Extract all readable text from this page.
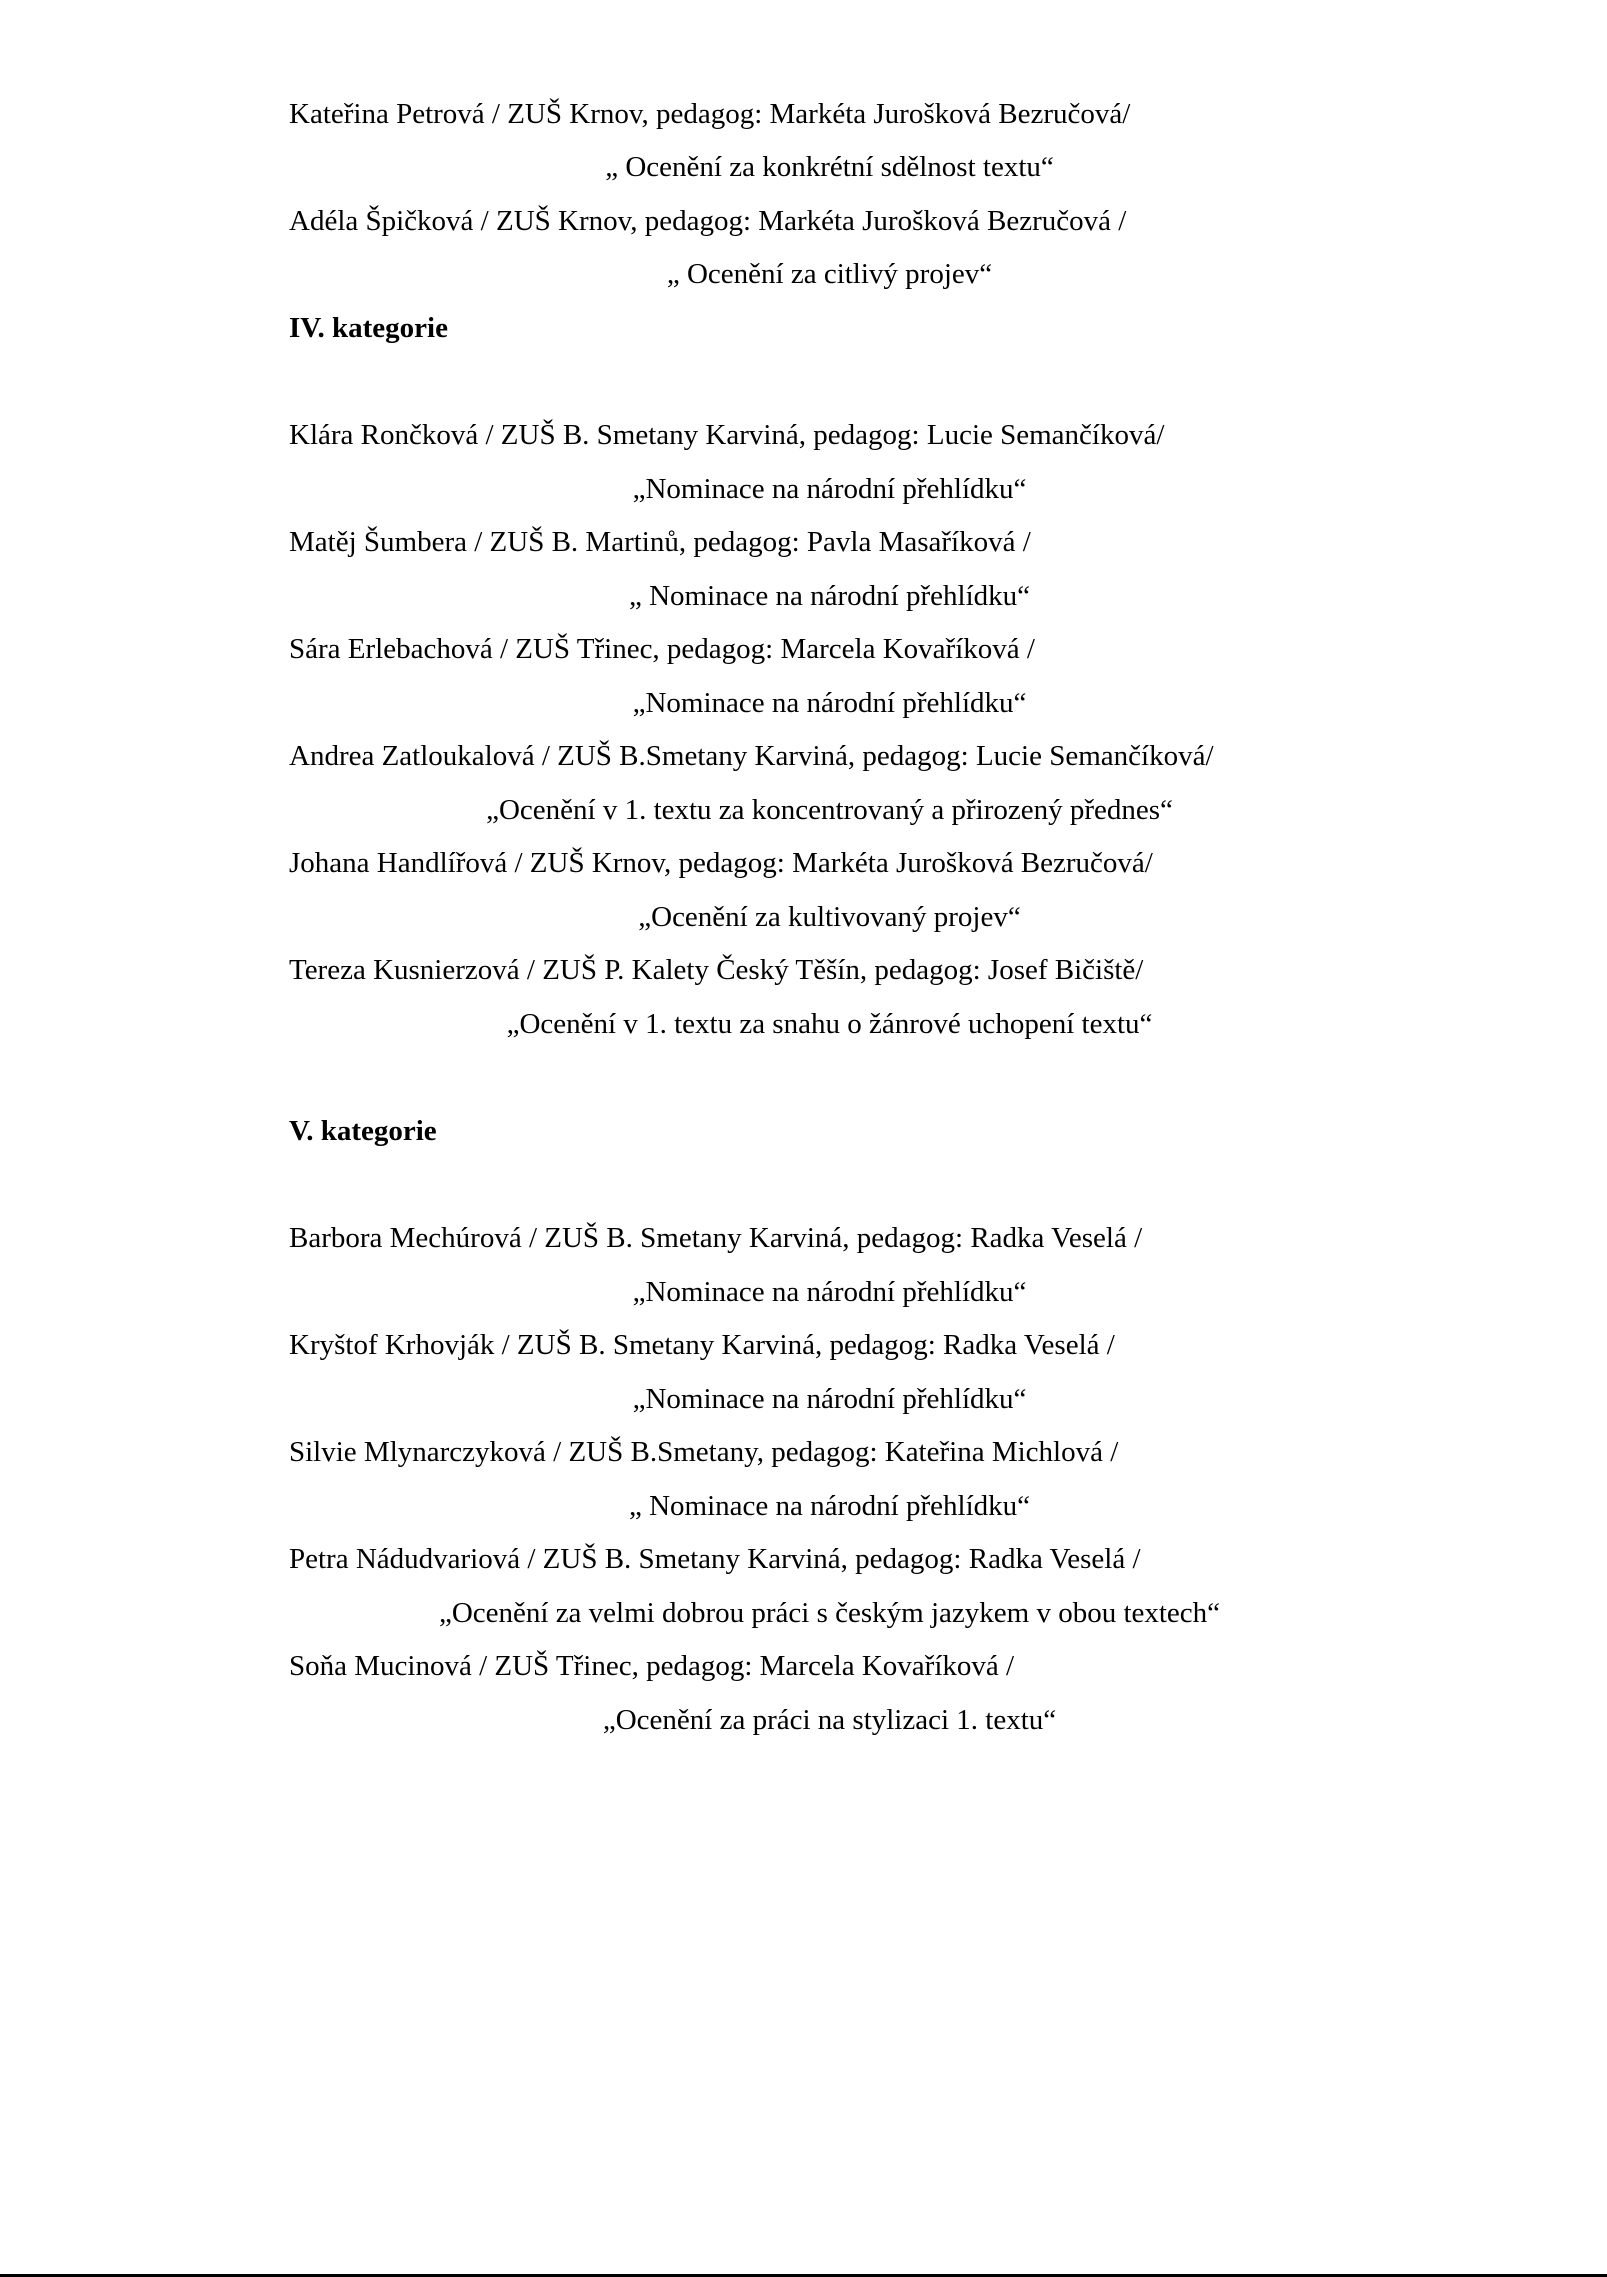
Kateřina Petrová / ZUŠ Krnov, pedagog: Markéta Jurošková Bezručová/
„ Ocenění za konkrétní sdělnost textu“
Adéla Špičková / ZUŠ Krnov, pedagog: Markéta Jurošková Bezručová /
„ Ocenění za citlivý projev“
IV. kategorie
Klára Rončková / ZUŠ B. Smetany Karviná, pedagog: Lucie Semančíková/
„Nominace na národní přehlídku“
Matěj Šumbera / ZUŠ B. Martinů, pedagog: Pavla Masaříková /
„ Nominace na národní přehlídku“
Sára Erlebachová / ZUŠ Třinec, pedagog: Marcela Kovaříková /
„Nominace na národní přehlídku“
Andrea Zatloukalová / ZUŠ B.Smetany Karviná, pedagog: Lucie Semančíková/
„Ocenění v 1. textu za koncentrovaný a přirozený přednes“
Johana Handlířová / ZUŠ Krnov, pedagog: Markéta Jurošková Bezručová/
„Ocenění za kultivovaný projev“
Tereza Kusnierzová / ZUŠ P. Kalety Český Těšín, pedagog: Josef Bičiště/
„Ocenění v 1. textu za snahu o žánrové uchopení textu“
V. kategorie
Barbora Mechúrová / ZUŠ B. Smetany Karviná, pedagog: Radka Veselá /
„Nominace na národní přehlídku“
Kryštof Krhovják / ZUŠ B. Smetany Karviná, pedagog: Radka Veselá /
„Nominace na národní přehlídku“
Silvie Mlynarczyková / ZUŠ B.Smetany, pedagog: Kateřina Michlová /
„ Nominace na národní přehlídku“
Petra Nádudvariová / ZUŠ B. Smetany Karviná, pedagog: Radka Veselá /
„Ocenění za velmi dobrou práci s českým jazykem v obou textech“
Soňa Mucinová / ZUŠ Třinec, pedagog: Marcela Kovaříková /
„Ocenění za práci na stylizaci 1. textu“
